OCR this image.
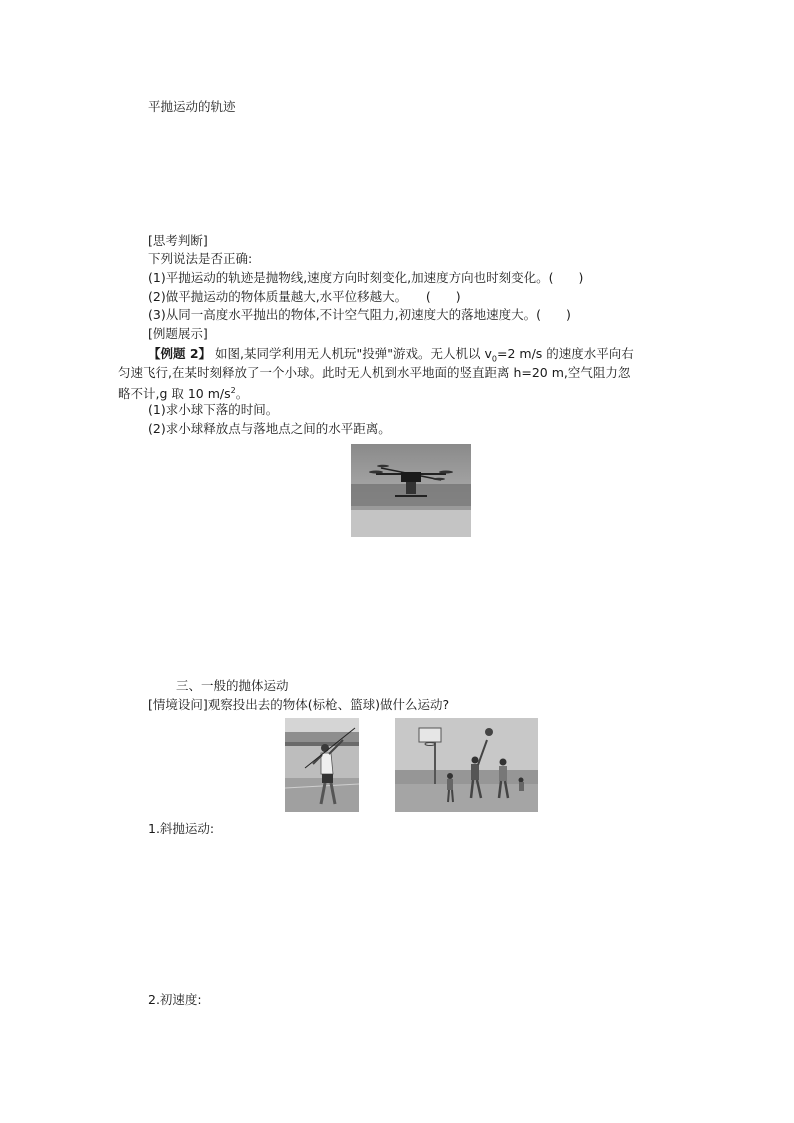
平抛运动的轨迹
[思考判断]
下列说法是否正确:
(1)平抛运动的轨迹是抛物线,速度方向时刻变化,加速度方向也时刻变化。(　　)
(2)做平抛运动的物体质量越大,水平位移越大。　　(　　)
(3)从同一高度水平抛出的物体,不计空气阻力,初速度大的落地速度大。(　　)
[例题展示]
【例题 2】 如图,某同学利用无人机玩"投弹"游戏。无人机以 $v_0=2$ m/s 的速度水平向右
匀速飞行,在某时刻释放了一个小球。此时无人机到水平地面的竖直距离 h=20 m,空气阻力忽
略不计,g 取 10 $m/s^2$。
(1)求小球下落的时间。
(2)求小球释放点与落地点之间的水平距离。
三、一般的抛体运动
[情境设问]观察投出去的物体(标枪、篮球)做什么运动?
1.斜抛运动:
2.初速度:
